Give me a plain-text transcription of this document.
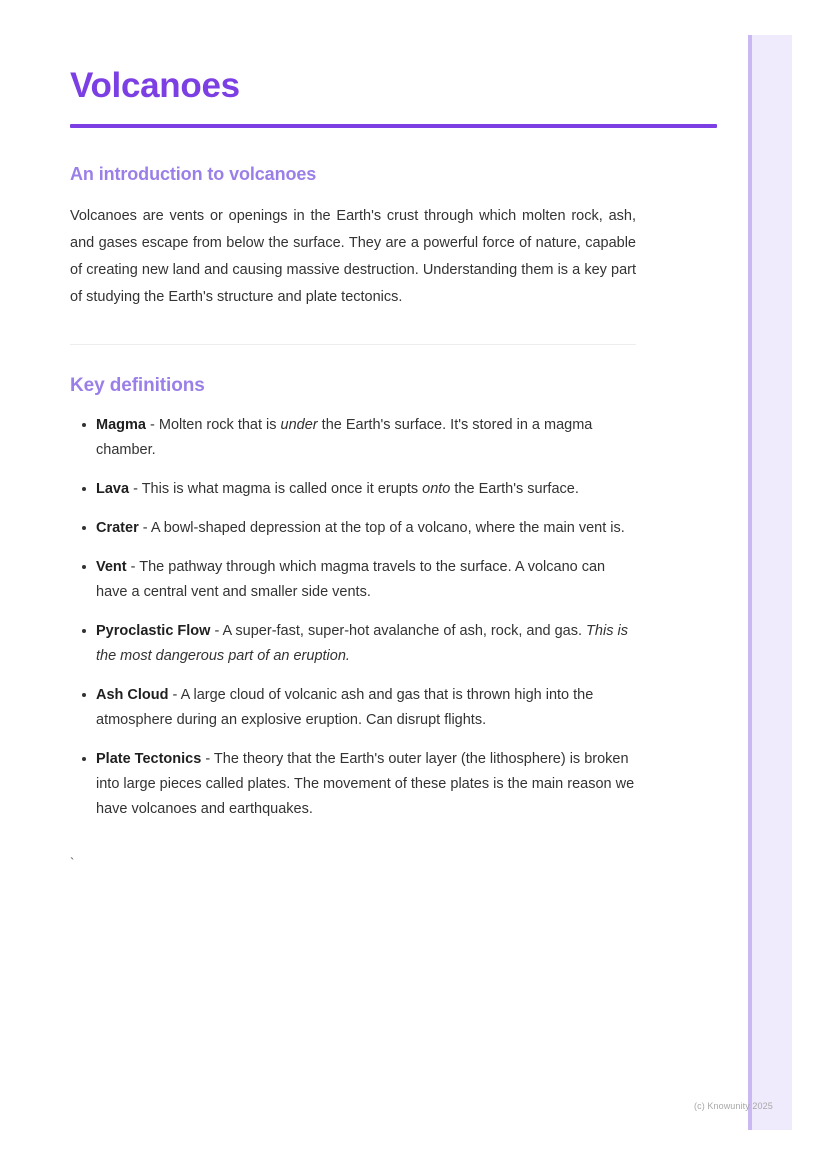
Volcanoes
An introduction to volcanoes

Volcanoes are vents or openings in the Earth's crust through which molten rock, ash, and gases escape from below the surface. They are a powerful force of nature, capable of creating new land and causing massive destruction. Understanding them is a key part of studying the Earth's structure and plate tectonics.

Key definitions
Magma - Molten rock that is under the Earth's surface. It's stored in a magma chamber.
Lava - This is what magma is called once it erupts onto the Earth's surface.
Crater - A bowl-shaped depression at the top of a volcano, where the main vent is.
Vent - The pathway through which magma travels to the surface. A volcano can have a central vent and smaller side vents.
Pyroclastic Flow - A super-fast, super-hot avalanche of ash, rock, and gas. This is the most dangerous part of an eruption.
Ash Cloud - A large cloud of volcanic ash and gas that is thrown high into the atmosphere during an explosive eruption. Can disrupt flights.
Plate Tectonics - The theory that the Earth's outer layer (the lithosphere) is broken into large pieces called plates. The movement of these plates is the main reason we have volcanoes and earthquakes.
`
(c) Knowunity 2025
